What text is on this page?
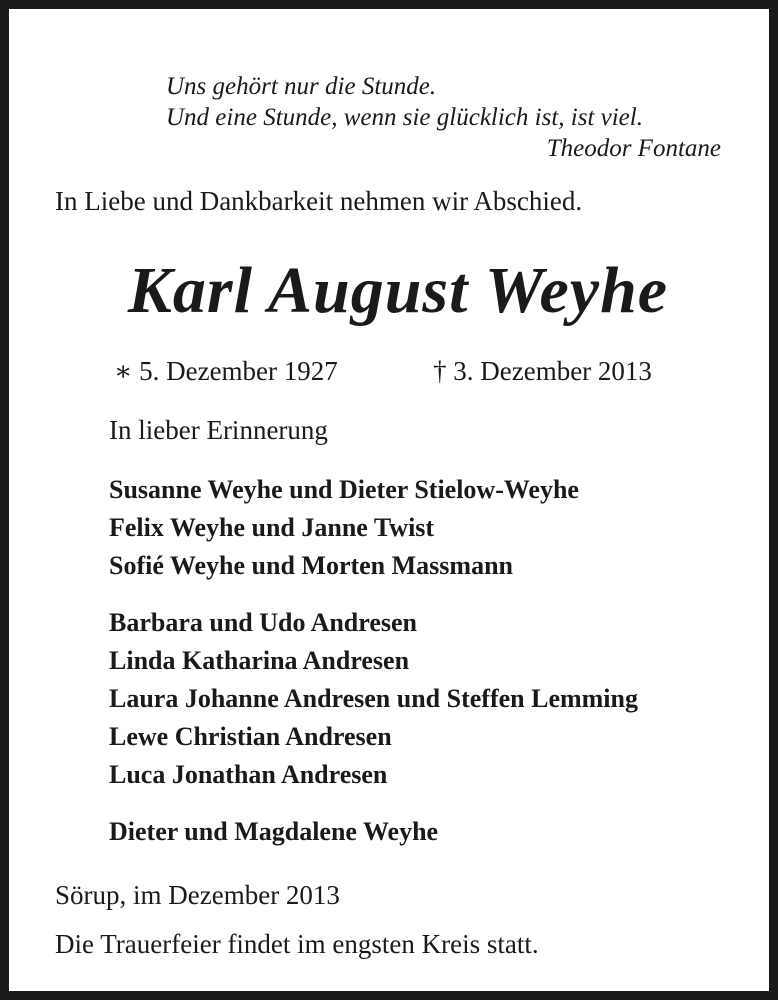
Uns gehört nur die Stunde.
Und eine Stunde, wenn sie glücklich ist, ist viel.
Theodor Fontane
In Liebe und Dankbarkeit nehmen wir Abschied.
Karl August Weyhe
∗ 5. Dezember 1927	† 3. Dezember 2013
In lieber Erinnerung
Susanne Weyhe und Dieter Stielow-Weyhe
Felix Weyhe und Janne Twist
Sofié Weyhe und Morten Massmann
Barbara und Udo Andresen
Linda Katharina Andresen
Laura Johanne Andresen und Steffen Lemming
Lewe Christian Andresen
Luca Jonathan Andresen
Dieter und Magdalene Weyhe
Sörup, im Dezember 2013
Die Trauerfeier findet im engsten Kreis statt.
